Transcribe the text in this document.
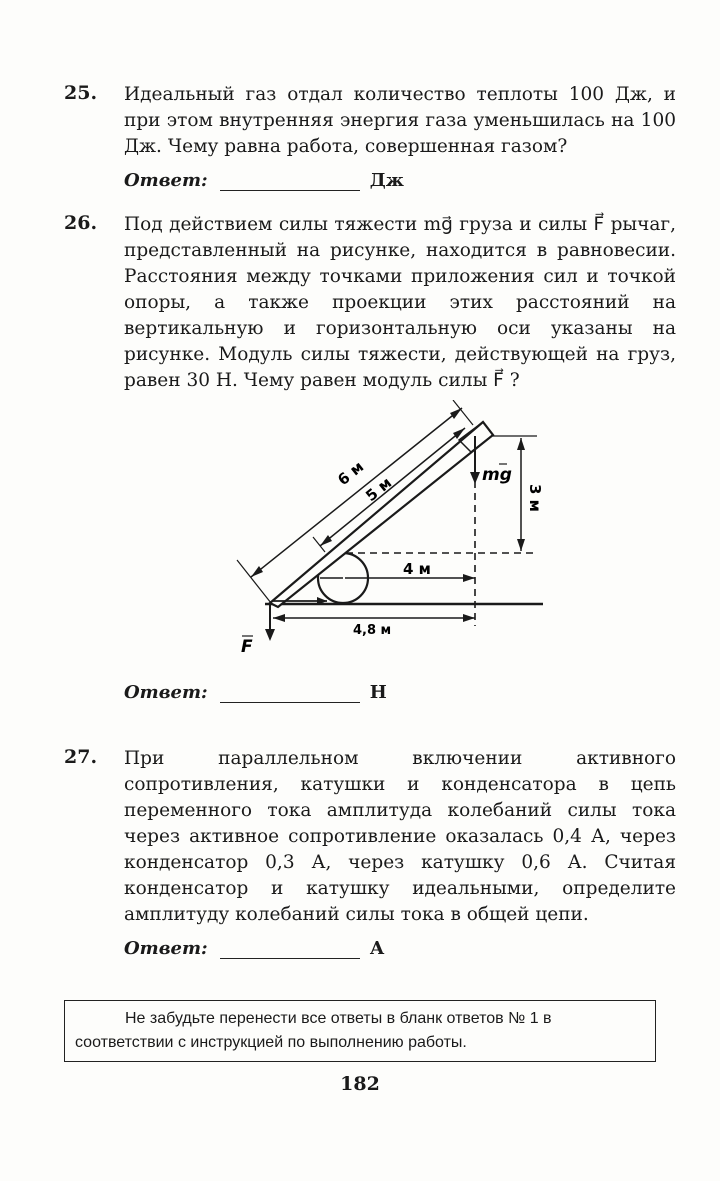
25. Идеальный газ отдал количество теплоты 100 Дж, и при этом внутренняя энергия газа уменьшилась на 100 Дж. Чему равна работа, совершенная газом?
Ответ:	Дж
26. Под действием силы тяжести mg⃗ груза и силы F⃗ рычаг, представленный на рисунке, находится в равновесии. Расстояния между точками приложения сил и точкой опоры, а также проекции этих расстояний на вертикальную и горизонтальную оси указаны на рисунке. Модуль силы тяжести, действующей на груз, равен 30 Н. Чему равен модуль силы F⃗ ?
6 м
5 м	3 м
4 м
4,8 м
mg
F
Ответ:	Н
27. При параллельном включении активного сопротивления, катушки и конденсатора в цепь переменного тока амплитуда колебаний силы тока через активное сопротивление оказалась 0,4 А, через конденсатор 0,3 А, через катушку 0,6 А. Считая конденсатор и катушку идеальными, определите амплитуду колебаний силы тока в общей цепи.
Ответ:	А

Не забудьте перенести все ответы в бланк ответов № 1 в соответствии с инструкцией по выполнению работы.

182
